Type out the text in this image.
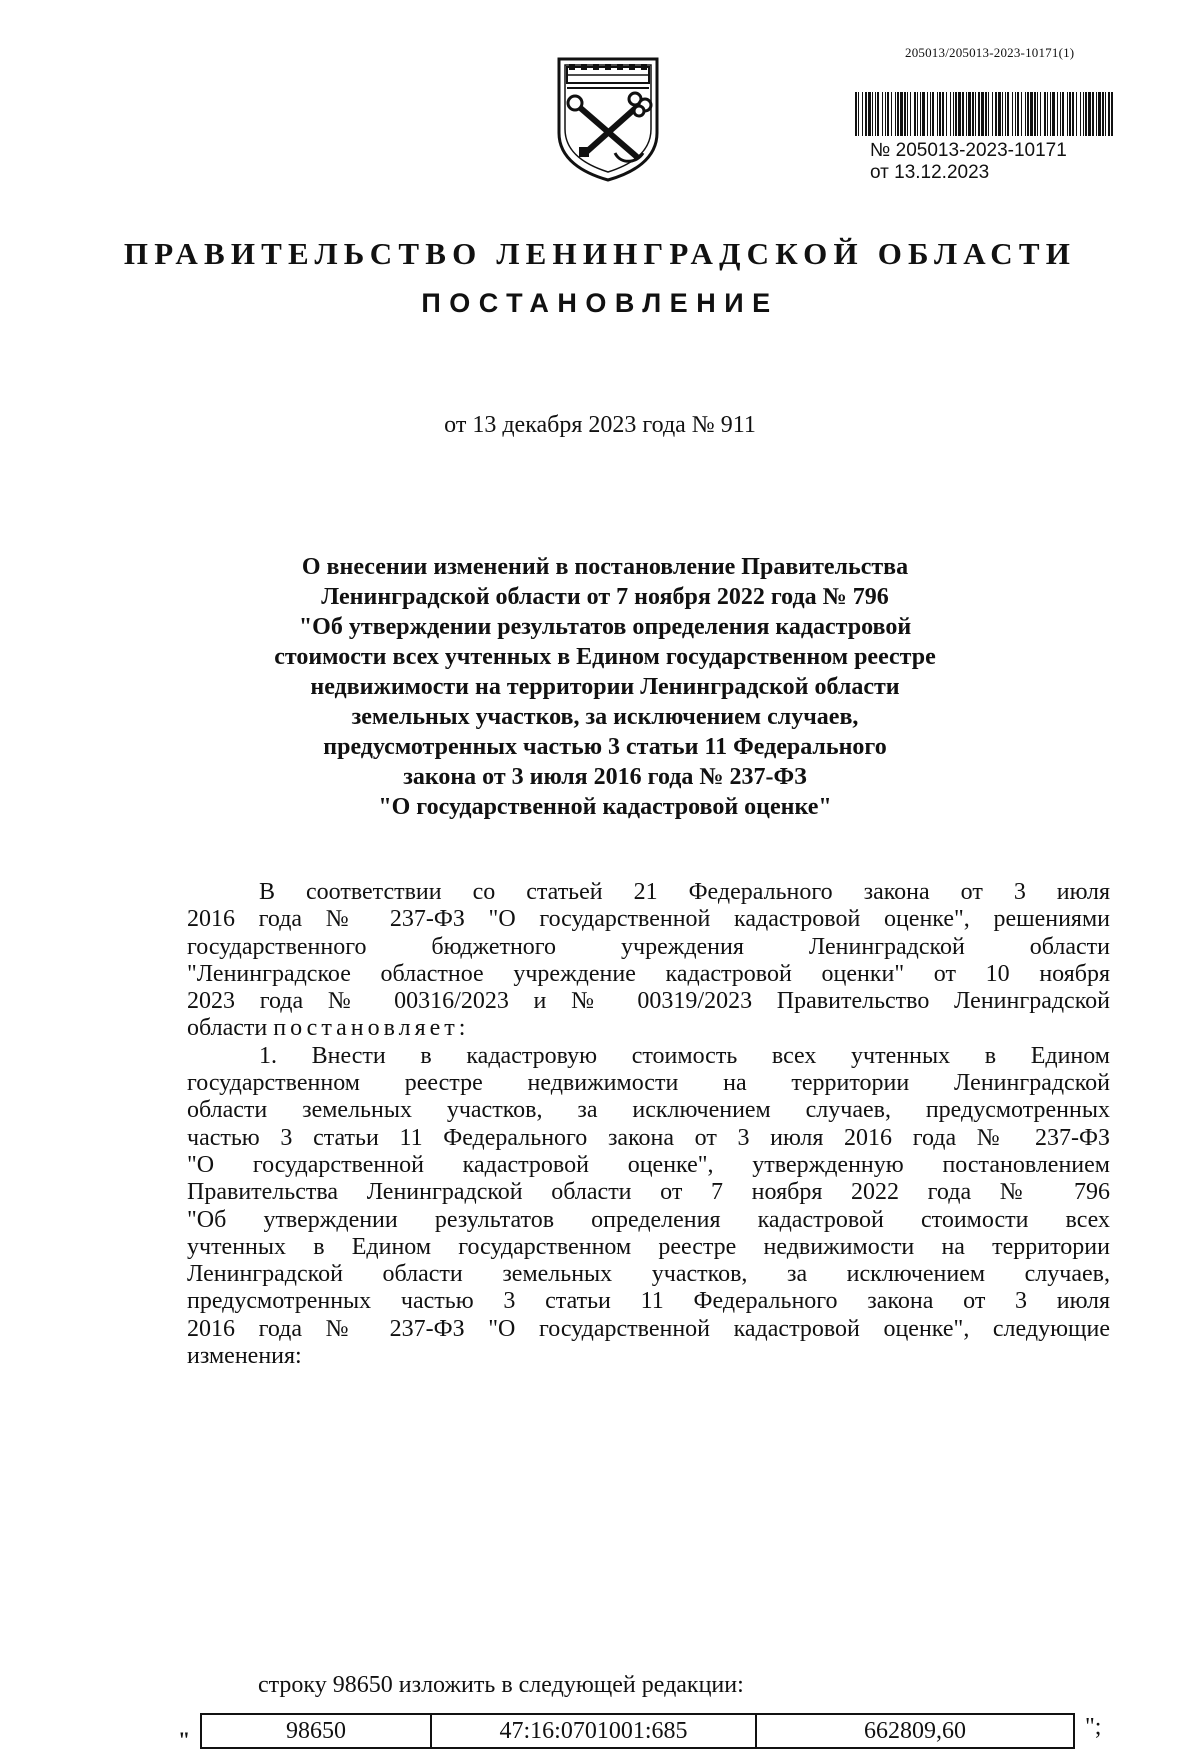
205013/205013-2023-10171(1)
№ 205013-2023-10171
от 13.12.2023
ПРАВИТЕЛЬСТВО ЛЕНИНГРАДСКОЙ ОБЛАСТИ
ПОСТАНОВЛЕНИЕ
от 13 декабря 2023 года № 911
О внесении изменений в постановление Правительства
Ленинградской области от 7 ноября 2022 года № 796
"Об утверждении результатов определения кадастровой
стоимости всех учтенных в Едином государственном реестре
недвижимости на территории Ленинградской области
земельных участков, за исключением случаев,
предусмотренных частью 3 статьи 11 Федерального
закона от 3 июля 2016 года № 237-ФЗ
"О государственной кадастровой оценке"

В соответствии со статьей 21 Федерального закона от 3 июля

2016 года № 237-ФЗ "О государственной кадастровой оценке", решениями

государственного бюджетного учреждения Ленинградской области

"Ленинградское областное учреждение кадастровой оценки" от 10 ноября

2023 года № 00316/2023 и № 00319/2023 Правительство Ленинградской

области постановляет:

1. Внести в кадастровую стоимость всех учтенных в Едином

государственном реестре недвижимости на территории Ленинградской

области земельных участков, за исключением случаев, предусмотренных

частью 3 статьи 11 Федерального закона от 3 июля 2016 года № 237-ФЗ

"О государственной кадастровой оценке", утвержденную постановлением

Правительства Ленинградской области от 7 ноября 2022 года № 796

"Об утверждении результатов определения кадастровой стоимости всех

учтенных в Едином государственном реестре недвижимости на территории

Ленинградской области земельных участков, за исключением случаев,

предусмотренных частью 3 статьи 11 Федерального закона от 3 июля

2016 года № 237-ФЗ "О государственной кадастровой оценке", следующие

изменения:

строку 98650 изложить в следующей редакции:
"	98650	47:16:0701001:685	662809,60	";
